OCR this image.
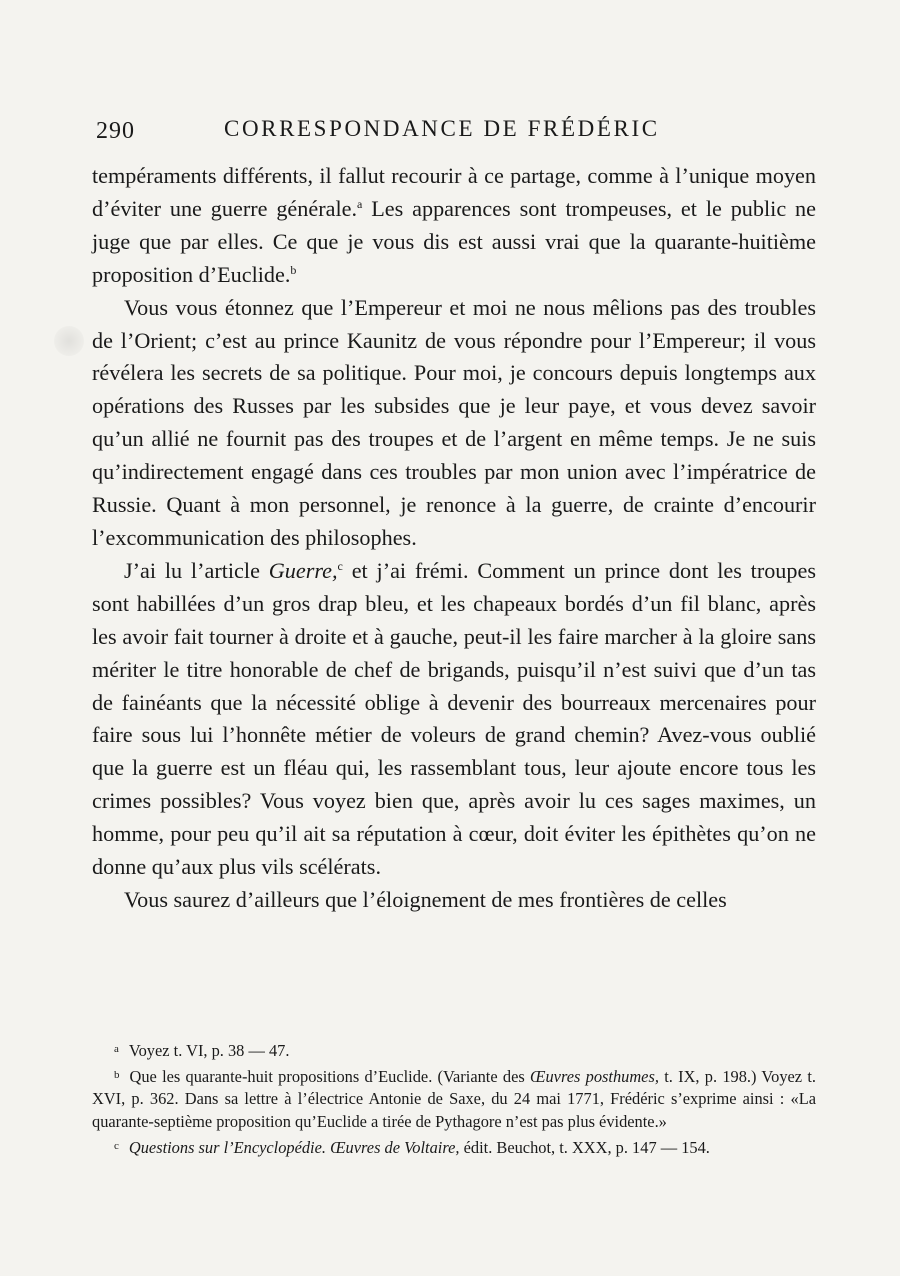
290	CORRESPONDANCE DE FRÉDÉRIC

tempéraments différents, il fallut recourir à ce partage, comme à l’unique moyen d’éviter une guerre générale.$^a$ Les apparences sont trompeuses, et le public ne juge que par elles. Ce que je vous dis est aussi vrai que la quarante-huitième proposition d’Euclide.$^b$

Vous vous étonnez que l’Empereur et moi ne nous mêlions pas des troubles de l’Orient; c’est au prince Kaunitz de vous répondre pour l’Empereur; il vous révélera les secrets de sa politique. Pour moi, je concours depuis longtemps aux opérations des Russes par les subsides que je leur paye, et vous devez savoir qu’un allié ne fournit pas des troupes et de l’argent en même temps. Je ne suis qu’indirectement engagé dans ces troubles par mon union avec l’impératrice de Russie. Quant à mon personnel, je renonce à la guerre, de crainte d’encourir l’excommunication des philosophes.

J’ai lu l’article Guerre,$^c$ et j’ai frémi. Comment un prince dont les troupes sont habillées d’un gros drap bleu, et les chapeaux bordés d’un fil blanc, après les avoir fait tourner à droite et à gauche, peut-il les faire marcher à la gloire sans mériter le titre honorable de chef de brigands, puisqu’il n’est suivi que d’un tas de fainéants que la nécessité oblige à devenir des bourreaux mercenaires pour faire sous lui l’honnête métier de voleurs de grand chemin? Avez-vous oublié que la guerre est un fléau qui, les rassemblant tous, leur ajoute encore tous les crimes possibles? Vous voyez bien que, après avoir lu ces sages maximes, un homme, pour peu qu’il ait sa réputation à cœur, doit éviter les épithètes qu’on ne donne qu’aux plus vils scélérats.

Vous saurez d’ailleurs que l’éloignement de mes frontières de celles

$^a$ Voyez t. VI, p. 38 — 47.

$^b$ Que les quarante-huit propositions d’Euclide. (Variante des Œuvres posthumes, t. IX, p. 198.) Voyez t. XVI, p. 362. Dans sa lettre à l’électrice Antonie de Saxe, du 24 mai 1771, Frédéric s’exprime ainsi : «La quarante-septième proposition qu’Euclide a tirée de Pythagore n’est pas plus évidente.»

$^c$ Questions sur l’Encyclopédie. Œuvres de Voltaire, édit. Beuchot, t. XXX, p. 147 — 154.
